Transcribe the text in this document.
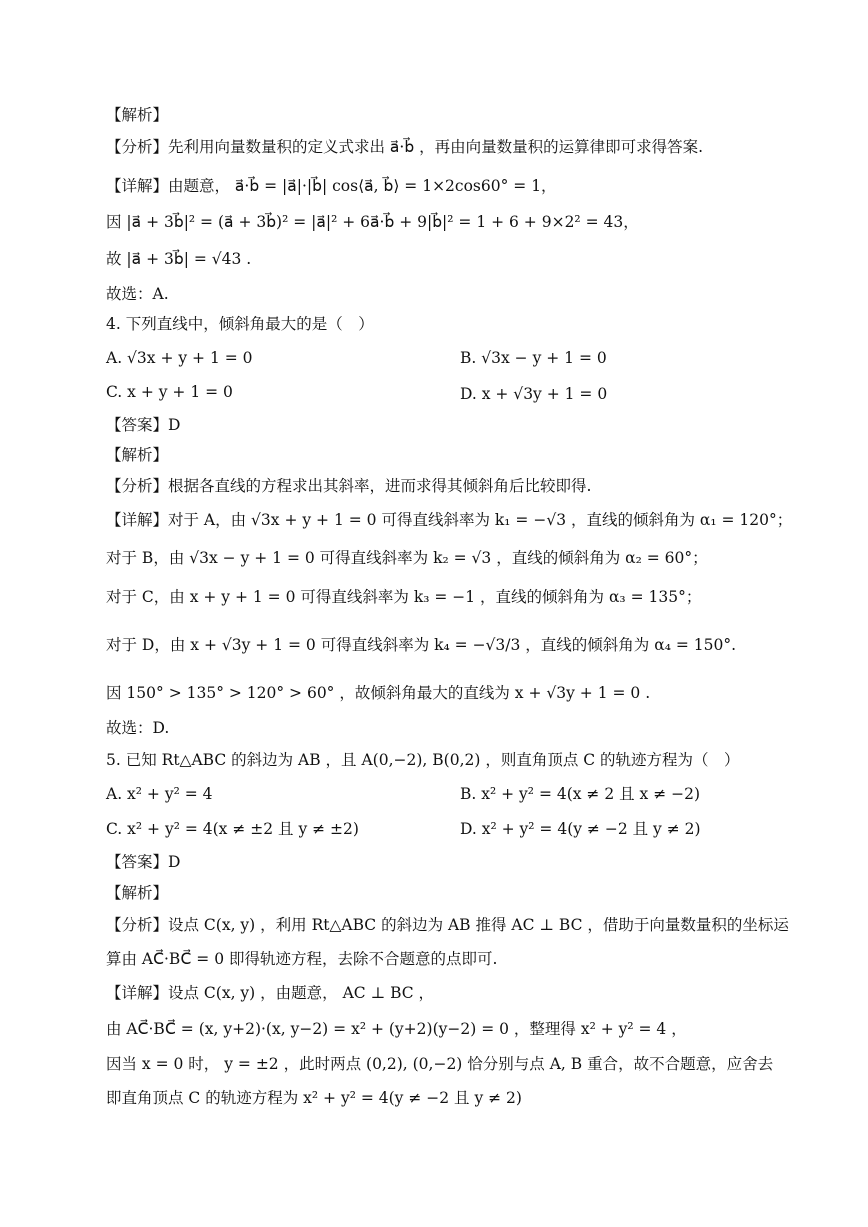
【解析】
【分析】先利用向量数量积的定义式求出 a⃗·b⃗ ，再由向量数量积的运算律即可求得答案.
【详解】由题意， a⃗·b⃗ = |a⃗|·|b⃗| cos⟨a⃗, b⃗⟩ = 1×2cos60° = 1，
因 |a⃗ + 3b⃗|² = (a⃗ + 3b⃗)² = |a⃗|² + 6a⃗·b⃗ + 9|b⃗|² = 1 + 6 + 9×2² = 43，
故 |a⃗ + 3b⃗| = √43 .
故选：A.
4. 下列直线中，倾斜角最大的是（　）
A. √3x + y + 1 = 0	B. √3x − y + 1 = 0
C. x + y + 1 = 0	D. x + √3y + 1 = 0
【答案】D
【解析】
【分析】根据各直线的方程求出其斜率，进而求得其倾斜角后比较即得.
【详解】对于 A，由 √3x + y + 1 = 0 可得直线斜率为 k₁ = −√3 ，直线的倾斜角为 α₁ = 120°；
对于 B，由 √3x − y + 1 = 0 可得直线斜率为 k₂ = √3 ，直线的倾斜角为 α₂ = 60°；
对于 C，由 x + y + 1 = 0 可得直线斜率为 k₃ = −1 ，直线的倾斜角为 α₃ = 135°；
对于 D，由 x + √3y + 1 = 0 可得直线斜率为 k₄ = −√3/3 ，直线的倾斜角为 α₄ = 150°.
因 150° > 135° > 120° > 60° ，故倾斜角最大的直线为 x + √3y + 1 = 0 .
故选：D.
5. 已知 Rt△ABC 的斜边为 AB ，且 A(0,−2), B(0,2) ，则直角顶点 C 的轨迹方程为（　）
A. x² + y² = 4	B. x² + y² = 4(x ≠ 2 且 x ≠ −2)
C. x² + y² = 4(x ≠ ±2 且 y ≠ ±2)	D. x² + y² = 4(y ≠ −2 且 y ≠ 2)
【答案】D
【解析】
【分析】设点 C(x, y) ，利用 Rt△ABC 的斜边为 AB 推得 AC ⊥ BC ，借助于向量数量积的坐标运
算由 AC⃗·BC⃗ = 0 即得轨迹方程，去除不合题意的点即可.
【详解】设点 C(x, y) ，由题意， AC ⊥ BC ，
由 AC⃗·BC⃗ = (x, y+2)·(x, y−2) = x² + (y+2)(y−2) = 0 ，整理得 x² + y² = 4 ，
因当 x = 0 时， y = ±2 ，此时两点 (0,2), (0,−2) 恰分别与点 A, B 重合，故不合题意，应舍去
即直角顶点 C 的轨迹方程为 x² + y² = 4(y ≠ −2 且 y ≠ 2)
